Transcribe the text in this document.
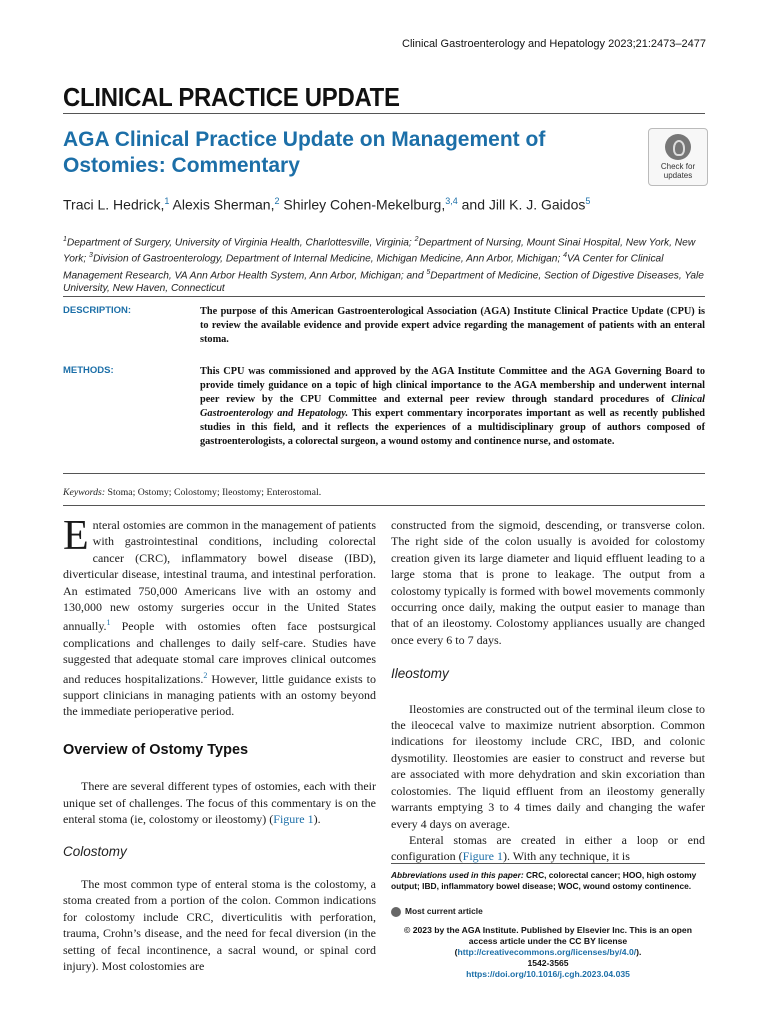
Clinical Gastroenterology and Hepatology 2023;21:2473–2477
CLINICAL PRACTICE UPDATE
AGA Clinical Practice Update on Management of Ostomies: Commentary	Check for
updates
Traci L. Hedrick,$^1$ Alexis Sherman,$^2$ Shirley Cohen-Mekelburg,$^{3,4}$ and Jill K. J. Gaidos$^5$
$^1$Department of Surgery, University of Virginia Health, Charlottesville, Virginia; $^2$Department of Nursing, Mount Sinai Hospital, New York, New York; $^3$Division of Gastroenterology, Department of Internal Medicine, Michigan Medicine, Ann Arbor, Michigan; $^4$VA Center for Clinical Management Research, VA Ann Arbor Health System, Ann Arbor, Michigan; and $^5$Department of Medicine, Section of Digestive Diseases, Yale University, New Haven, Connecticut
DESCRIPTION:	The purpose of this American Gastroenterological Association (AGA) Institute Clinical Practice Update (CPU) is to review the available evidence and provide expert advice regarding the management of patients with an enteral stoma.
METHODS:	This CPU was commissioned and approved by the AGA Institute Committee and the AGA Governing Board to provide timely guidance on a topic of high clinical importance to the AGA membership and underwent internal peer review by the CPU Committee and external peer review through standard procedures of Clinical Gastroenterology and Hepatology. This expert commentary incorporates important as well as recently published studies in this field, and it reflects the experiences of a multidisciplinary group of authors composed of gastroenterologists, a colorectal surgeon, a wound ostomy and continence nurse, and ostomate.
Keywords: Stoma; Ostomy; Colostomy; Ileostomy; Enterostomal.

Enteral ostomies are common in the management of patients with gastrointestinal conditions, including colorectal cancer (CRC), inflammatory bowel disease (IBD), diverticular disease, intestinal trauma, and intestinal perforation. An estimated 750,000 Americans live with an ostomy and 130,000 new ostomy surgeries occur in the United States annually.$^1$ People with ostomies often face postsurgical complications and challenges to daily self-care. Studies have suggested that adequate stomal care improves clinical outcomes and reduces hospitalizations.$^2$ However, little guidance exists to support clinicians in managing patients with an ostomy beyond the immediate perioperative period.

Overview of Ostomy Types

There are several different types of ostomies, each with their unique set of challenges. The focus of this commentary is on the enteral stoma (ie, colostomy or ileostomy) (Figure 1).

Colostomy

The most common type of enteral stoma is the colostomy, a stoma created from a portion of the colon. Common indications for colostomy include CRC, diverticulitis with perforation, trauma, Crohn’s disease, and the need for fecal diversion (in the setting of fecal incontinence, a sacral wound, or spinal cord injury). Most colostomies are

constructed from the sigmoid, descending, or transverse colon. The right side of the colon usually is avoided for colostomy creation given its large diameter and liquid effluent leading to a large stoma that is prone to leakage. The output from a colostomy typically is formed with bowel movements commonly occurring once daily, making the output easier to manage than that of an ileostomy. Colostomy appliances usually are changed once every 6 to 7 days.

Ileostomy

Ileostomies are constructed out of the terminal ileum close to the ileocecal valve to maximize nutrient absorption. Common indications for ileostomy include CRC, IBD, and colonic dysmotility. Ileostomies are easier to construct and reverse but are associated with more dehydration and skin excoriation than colostomies. The liquid effluent from an ileostomy generally warrants emptying 3 to 4 times daily and changing the wafer every 4 days on average.

Enteral stomas are created in either a loop or end configuration (Figure 1). With any technique, it is

Abbreviations used in this paper: CRC, colorectal cancer; HOO, high ostomy output; IBD, inflammatory bowel disease; WOC, wound ostomy continence.
Most current article
© 2023 by the AGA Institute. Published by Elsevier Inc. This is an open access article under the CC BY license (http://creativecommons.org/licenses/by/4.0/).
1542-3565
https://doi.org/10.1016/j.cgh.2023.04.035
